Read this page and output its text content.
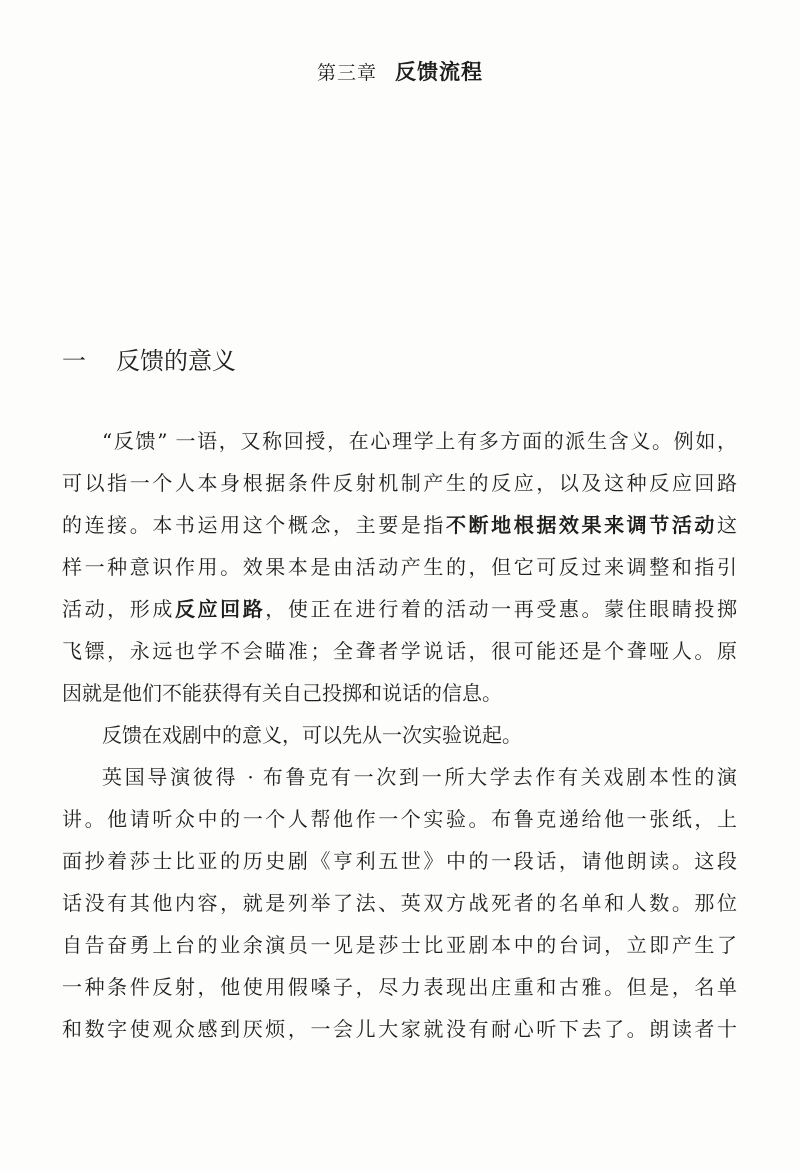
第三章 反馈流程
一 反馈的意义

“反馈” 一语，又称回授，在心理学上有多方面的派生含义。例如，
可以指一个人本身根据条件反射机制产生的反应，以及这种反应回路
的连接。本书运用这个概念，主要是指不断地根据效果来调节活动这
样一种意识作用。效果本是由活动产生的，但它可反过来调整和指引
活动，形成反应回路，使正在进行着的活动一再受惠。蒙住眼睛投掷
飞镖，永远也学不会瞄准；全聋者学说话，很可能还是个聋哑人。原
因就是他们不能获得有关自己投掷和说话的信息。

反馈在戏剧中的意义，可以先从一次实验说起。

英国导演彼得 · 布鲁克有一次到一所大学去作有关戏剧本性的演
讲。他请听众中的一个人帮他作一个实验。布鲁克递给他一张纸，上
面抄着莎士比亚的历史剧《亨利五世》中的一段话，请他朗读。这段
话没有其他内容，就是列举了法、英双方战死者的名单和人数。那位
自告奋勇上台的业余演员一见是莎士比亚剧本中的台词，立即产生了
一种条件反射，他使用假嗓子，尽力表现出庄重和古雅。但是，名单
和数字使观众感到厌烦，一会儿大家就没有耐心听下去了。朗读者十
